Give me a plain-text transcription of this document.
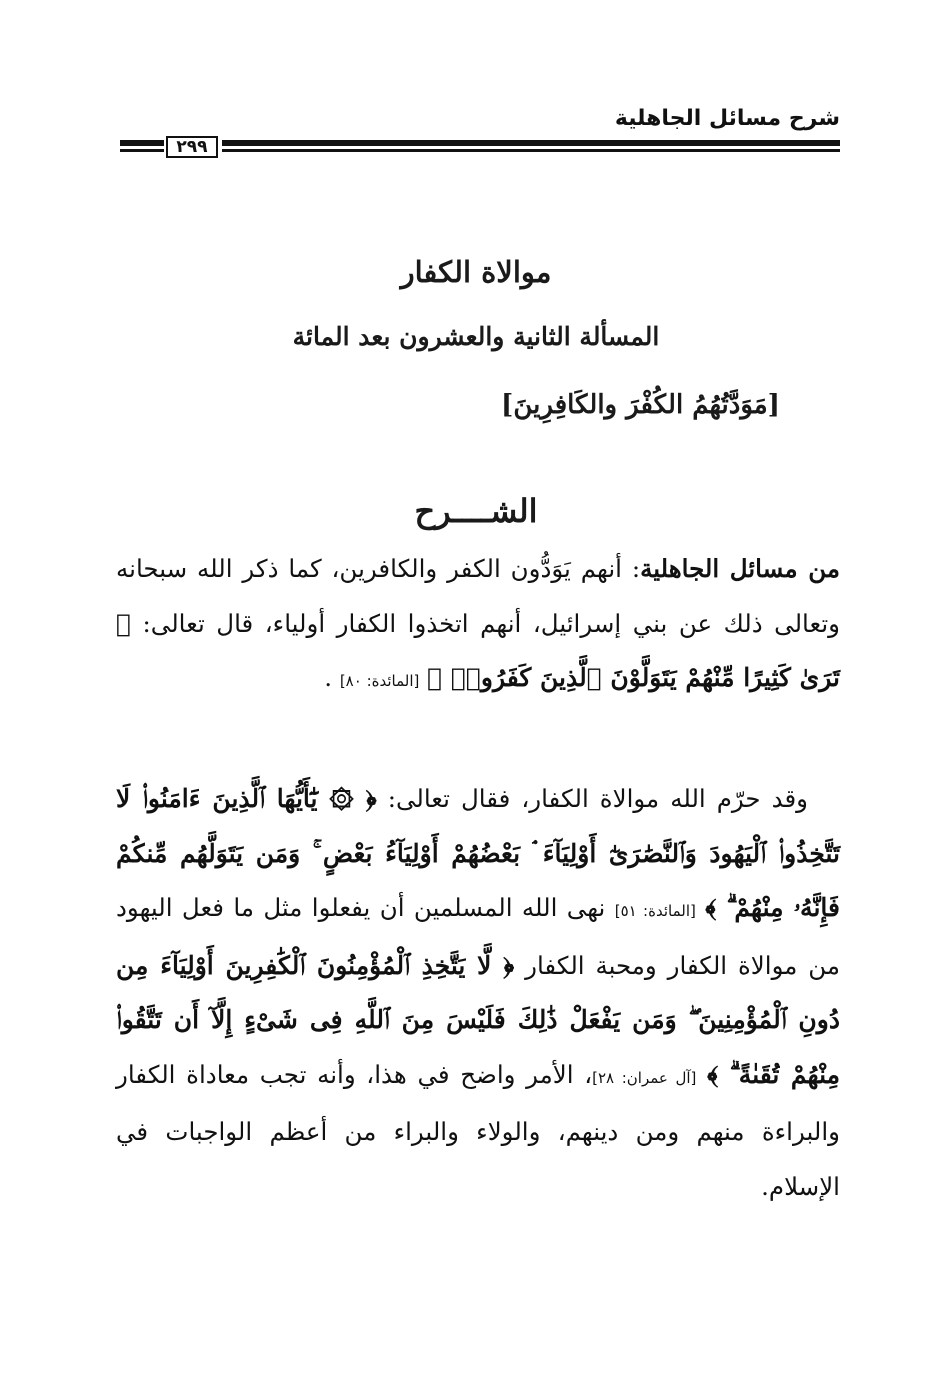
شرح مسائل الجاهلية
٢٩٩
موالاة الكفار
المسألة الثانية والعشرون بعد المائة
[مَوَدَّتُهُمُ الكُفْرَ والكَافِرِينَ]
الشــــرح
من مسائل الجاهلية: أنهم يَوَدُّون الكفر والكافرين، كما ذكر الله سبحانه وتعالى ذلك عن بني إسرائيل، أنهم اتخذوا الكفار أولياء، قال تعالى: ﴿ تَرَىٰ كَثِيرًا مِّنْهُمْ يَتَوَلَّوْنَ ٱلَّذِينَ كَفَرُوا۟ ﴾ [المائدة: ٨٠] .
وقد حرّم الله موالاة الكفار، فقال تعالى: ﴿ ۞ يَٰٓأَيُّهَا ٱلَّذِينَ ءَامَنُوا۟ لَا تَتَّخِذُوا۟ ٱلْيَهُودَ وَٱلنَّصَٰرَىٰٓ أَوْلِيَآءَ ۘ بَعْضُهُمْ أَوْلِيَآءُ بَعْضٍ ۚ وَمَن يَتَوَلَّهُم مِّنكُمْ فَإِنَّهُۥ مِنْهُمْ ۗ ﴾ [المائدة: ٥١] نهى الله المسلمين أن يفعلوا مثل ما فعل اليهود من موالاة الكفار ومحبة الكفار ﴿ لَّا يَتَّخِذِ ٱلْمُؤْمِنُونَ ٱلْكَٰفِرِينَ أَوْلِيَآءَ مِن دُونِ ٱلْمُؤْمِنِينَ ۖ وَمَن يَفْعَلْ ذَٰلِكَ فَلَيْسَ مِنَ ٱللَّهِ فِى شَىْءٍ إِلَّآ أَن تَتَّقُوا۟ مِنْهُمْ تُقَىٰةً ۗ ﴾ [آل عمران: ٢٨]، الأمر واضح في هذا، وأنه تجب معاداة الكفار والبراءة منهم ومن دينهم، والولاء والبراء من أعظم الواجبات في الإسلام.
